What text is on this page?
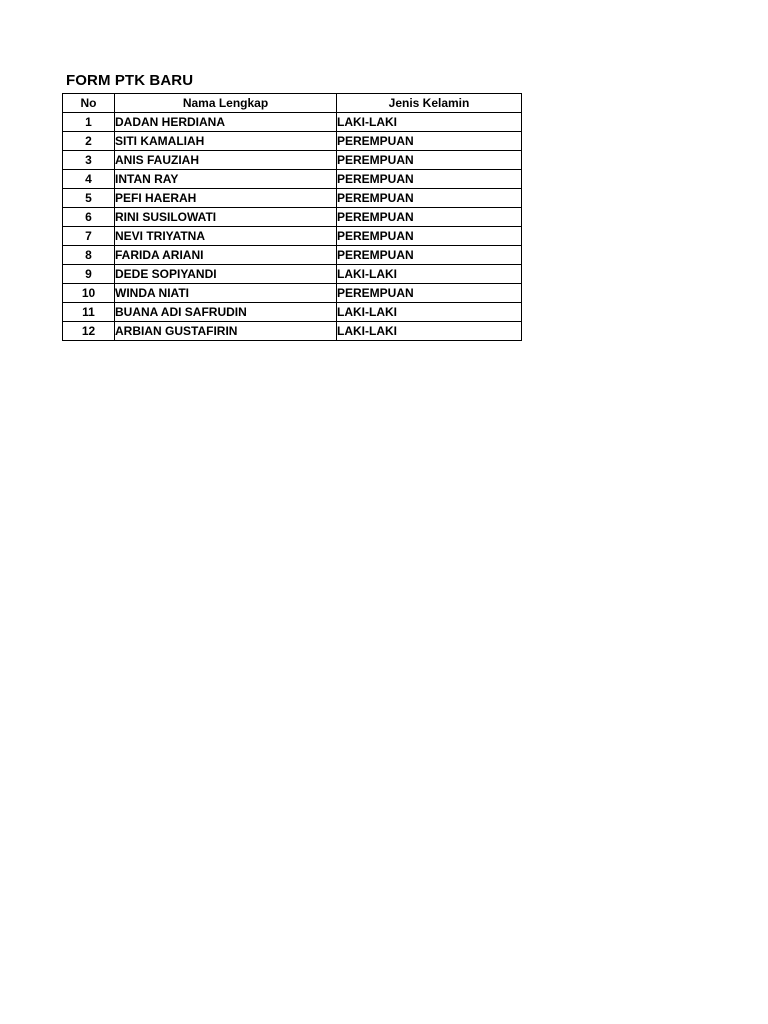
FORM PTK BARU
No	Nama Lengkap	Jenis Kelamin
1	DADAN HERDIANA	LAKI-LAKI
2	SITI KAMALIAH	PEREMPUAN
3	ANIS FAUZIAH	PEREMPUAN
4	INTAN RAY	PEREMPUAN
5	PEFI HAERAH	PEREMPUAN
6	RINI SUSILOWATI	PEREMPUAN
7	NEVI TRIYATNA	PEREMPUAN
8	FARIDA ARIANI	PEREMPUAN
9	DEDE SOPIYANDI	LAKI-LAKI
10	WINDA NIATI	PEREMPUAN
11	BUANA ADI SAFRUDIN	LAKI-LAKI
12	ARBIAN GUSTAFIRIN	LAKI-LAKI
